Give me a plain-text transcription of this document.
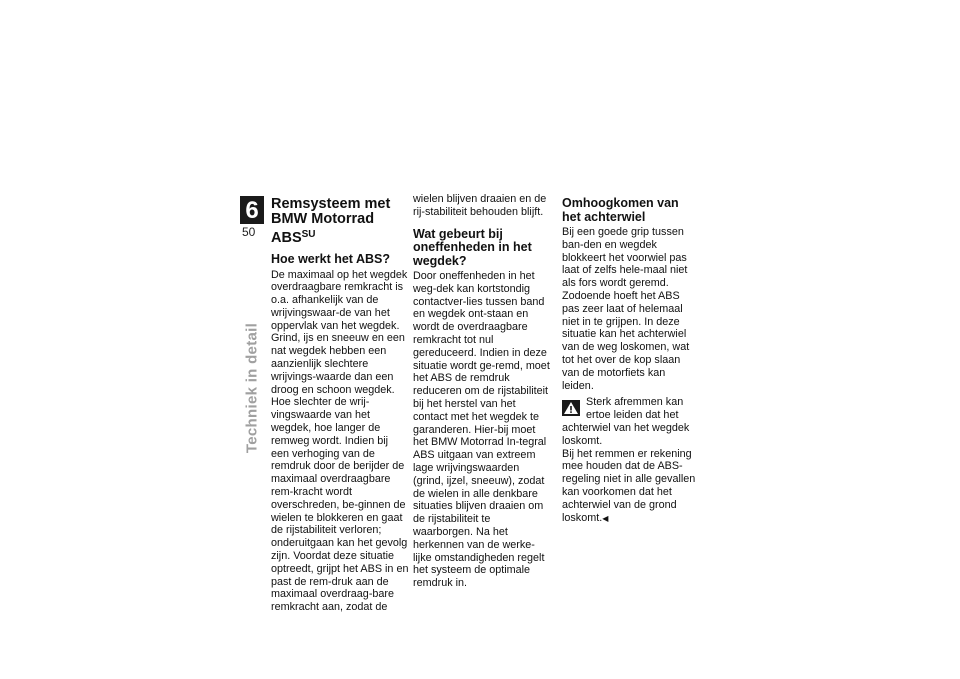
6
50
Techniek in detail
Remsysteem met BMW Motorrad $ABS^{SU}$
Hoe werkt het ABS?

De maximaal op het wegdek overdraagbare remkracht is o.a. afhankelijk van de wrijvingswaar-de van het oppervlak van het wegdek. Grind, ijs en sneeuw en een nat wegdek hebben een aanzienlijk slechtere wrijvings-waarde dan een droog en schoon wegdek. Hoe slechter de wrij-vingswaarde van het wegdek, hoe langer de remweg wordt. Indien bij een verhoging van de remdruk door de berijder de maximaal overdraagbare rem-kracht wordt overschreden, be-ginnen de wielen te blokkeren en gaat de rijstabiliteit verloren; onderuitgaan kan het gevolg zijn. Voordat deze situatie optreedt, grijpt het ABS in en past de rem-druk aan de maximaal overdraag-bare remkracht aan, zodat de

wielen blijven draaien en de rij-stabiliteit behouden blijft.

Wat gebeurt bij oneffenheden in het wegdek?

Door oneffenheden in het weg-dek kan kortstondig contactver-lies tussen band en wegdek ont-staan en wordt de overdraagbare remkracht tot nul gereduceerd. Indien in deze situatie wordt ge-remd, moet het ABS de remdruk reduceren om de rijstabiliteit bij het herstel van het contact met het wegdek te garanderen. Hier-bij moet het BMW Motorrad In-tegral ABS uitgaan van extreem lage wrijvingswaarden (grind, ijzel, sneeuw), zodat de wielen in alle denkbare situaties blijven draaien om de rijstabiliteit te waarborgen. Na het herkennen van de werke-lijke omstandigheden regelt het systeem de optimale remdruk in.

Omhoogkomen van het achterwiel

Bij een goede grip tussen ban-den en wegdek blokkeert het voorwiel pas laat of zelfs hele-maal niet als fors wordt geremd. Zodoende hoeft het ABS pas zeer laat of helemaal niet in te grijpen. In deze situatie kan het achterwiel van de weg loskomen, wat tot het over de kop slaan van de motorfiets kan leiden.

Sterk afremmen kan ertoe leiden dat het achterwiel van het wegdek loskomt.

Bij het remmen er rekening mee houden dat de ABS-regeling niet in alle gevallen kan voorkomen dat het achterwiel van de grond loskomt.◀
